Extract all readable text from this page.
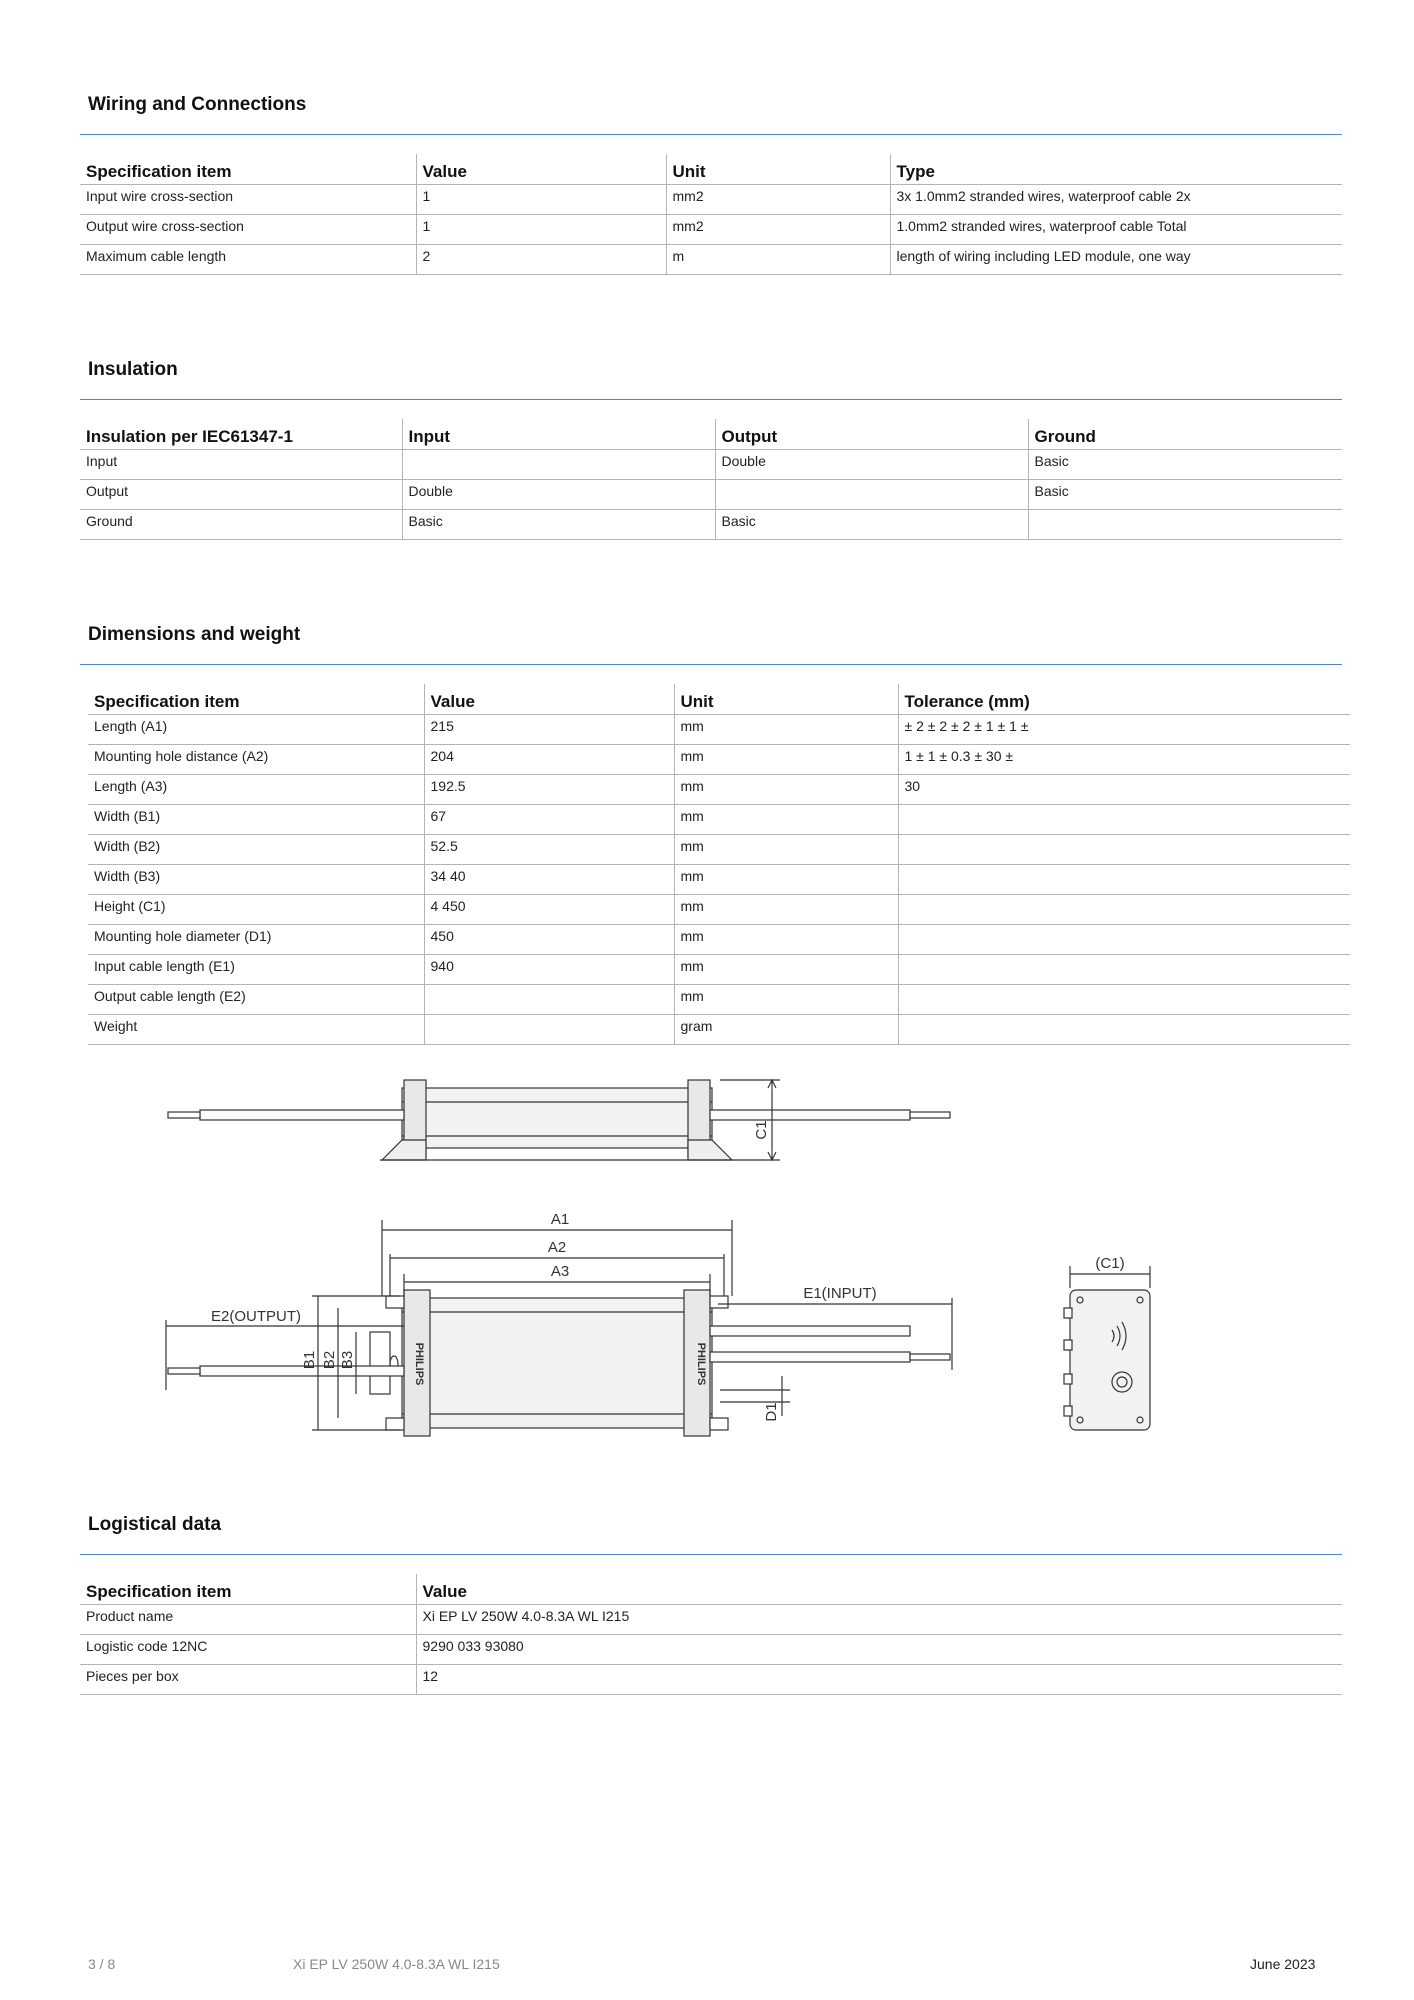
Wiring and Connections
Specification item	Value	Unit	Type
Input wire cross-section	1	mm2	3x 1.0mm2 stranded wires, waterproof cable 2x
Output wire cross-section	1	mm2	1.0mm2 stranded wires, waterproof cable Total
Maximum cable length	2	m	length of wiring including LED module, one way
Insulation
Insulation per IEC61347-1	Input	Output	Ground
Input		Double	Basic
Output	Double		Basic
Ground	Basic	Basic	
Dimensions and weight
Specification item	Value	Unit	Tolerance (mm)
Length (A1)	215	mm	± 2 ± 2 ± 2 ± 1 ± 1 ±
Mounting hole distance (A2)	204	mm	1 ± 1 ± 0.3 ± 30 ±
Length (A3)	192.5	mm	30
Width (B1)	67	mm	
Width (B2)	52.5	mm	
Width (B3)	34 40	mm	
Height (C1)	4 450	mm	
Mounting hole diameter (D1)	450	mm	
Input cable length (E1)	940	mm	
Output cable length (E2)		mm	
Weight		gram	
C1
A1
A2
A3
E1(INPUT)
E2(OUTPUT)
B1 B2 B3
D1
(C1)
PHILIPS	PHILIPS
Logistical data
Specification item	Value
Product name	Xi EP LV 250W 4.0-8.3A WL I215
Logistic code 12NC	9290 033 93080
Pieces per box	12
3 / 8	Xi EP LV 250W 4.0-8.3A WL I215	June 2023
